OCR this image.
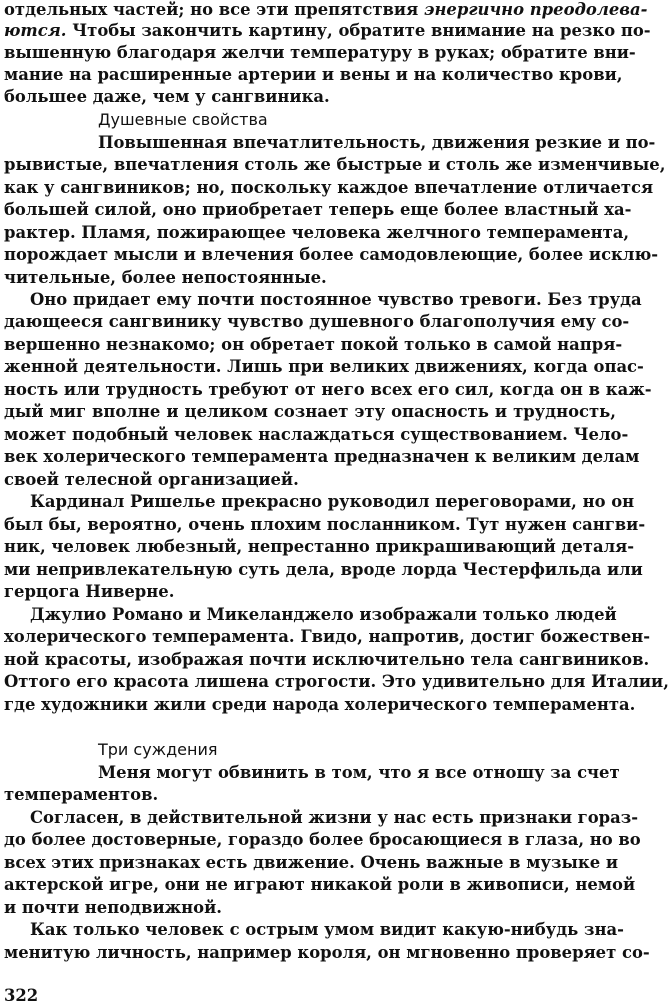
отдельных частей; но все эти препятствия энергично преодолева-
ются. Чтобы закончить картину, обратите внимание на резко по-
вышенную благодаря желчи температуру в руках; обратите вни-
мание на расширенные артерии и вены и на количество крови,
большее даже, чем у сангвиника.
Душевные свойства
Повышенная впечатлительность, движения резкие и по-
рывистые, впечатления столь же быстрые и столь же изменчивые,
как у сангвиников; но, поскольку каждое впечатление отличается
большей силой, оно приобретает теперь еще более властный ха-
рактер. Пламя, пожирающее человека желчного темперамента,
порождает мысли и влечения более самодовлеющие, более исклю-
чительные, более непостоянные.
Оно придает ему почти постоянное чувство тревоги. Без труда
дающееся сангвинику чувство душевного благополучия ему со-
вершенно незнакомо; он обретает покой только в самой напря-
женной деятельности. Лишь при великих движениях, когда опас-
ность или трудность требуют от него всех его сил, когда он в каж-
дый миг вполне и целиком сознает эту опасность и трудность,
может подобный человек наслаждаться существованием. Чело-
век холерического темперамента предназначен к великим делам
своей телесной организацией.
Кардинал Ришелье прекрасно руководил переговорами, но он
был бы, вероятно, очень плохим посланником. Тут нужен сангви-
ник, человек любезный, непрестанно прикрашивающий деталя-
ми непривлекательную суть дела, вроде лорда Честерфильда или
герцога Ниверне.
Джулио Романо и Микеланджело изображали только людей
холерического темперамента. Гвидо, напротив, достиг божествен-
ной красоты, изображая почти исключительно тела сангвиников.
Оттого его красота лишена строгости. Это удивительно для Италии,
где художники жили среди народа холерического темперамента.
Три суждения
Меня могут обвинить в том, что я все отношу за счет
темпераментов.
Согласен, в действительной жизни у нас есть признаки гораз-
до более достоверные, гораздо более бросающиеся в глаза, но во
всех этих признаках есть движение. Очень важные в музыке и
актерской игре, они не играют никакой роли в живописи, немой
и почти неподвижной.
Как только человек с острым умом видит какую-нибудь зна-
менитую личность, например короля, он мгновенно проверяет со-
322
